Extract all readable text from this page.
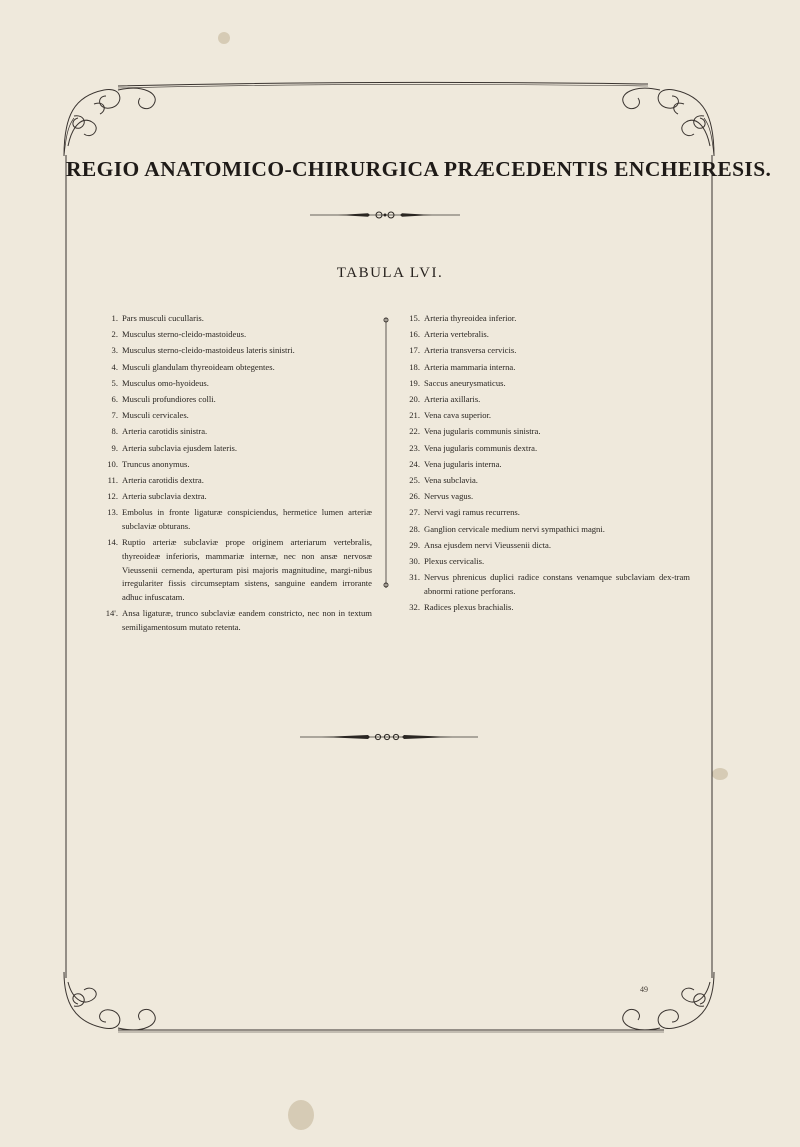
REGIO ANATOMICO-CHIRURGICA PRÆCEDENTIS ENCHEIRESIS.
TABULA LVI.
1. Pars musculi cucullaris.
2. Musculus sterno-cleido-mastoideus.
3. Musculus sterno-cleido-mastoideus lateris sinistri.
4. Musculi glandulam thyreoideam obtegentes.
5. Musculus omo-hyoideus.
6. Musculi profundiores colli.
7. Musculi cervicales.
8. Arteria carotidis sinistra.
9. Arteria subclavia ejusdem lateris.
10. Truncus anonymus.
11. Arteria carotidis dextra.
12. Arteria subclavia dextra.
13. Embolus in fronte ligaturæ conspiciendus, hermetice lumen arteriæ subclaviæ obturans.
14. Ruptio arteriæ subclaviæ prope originem arteriarum vertebralis, thyreoideæ inferioris, mammariæ internæ, nec non ansæ nervosæ Vieussenii cernenda, aperturam pisi majoris magnitudine, margi-nibus irregulariter fissis circumseptam sistens, sanguine eandem irrorante adhuc infuscatam.
14'. Ansa ligaturæ, trunco subclaviæ eandem constricto, nec non in textum semiligamentosum mutato retenta.
15. Arteria thyreoidea inferior.
16. Arteria vertebralis.
17. Arteria transversa cervicis.
18. Arteria mammaria interna.
19. Saccus aneurysmaticus.
20. Arteria axillaris.
21. Vena cava superior.
22. Vena jugularis communis sinistra.
23. Vena jugularis communis dextra.
24. Vena jugularis interna.
25. Vena subclavia.
26. Nervus vagus.
27. Nervi vagi ramus recurrens.
28. Ganglion cervicale medium nervi sympathici magni.
29. Ansa ejusdem nervi Vieussenii dicta.
30. Plexus cervicalis.
31. Nervus phrenicus duplici radice constans venamque subclaviam dex-tram abnormi ratione perforans.
32. Radices plexus brachialis.
49
